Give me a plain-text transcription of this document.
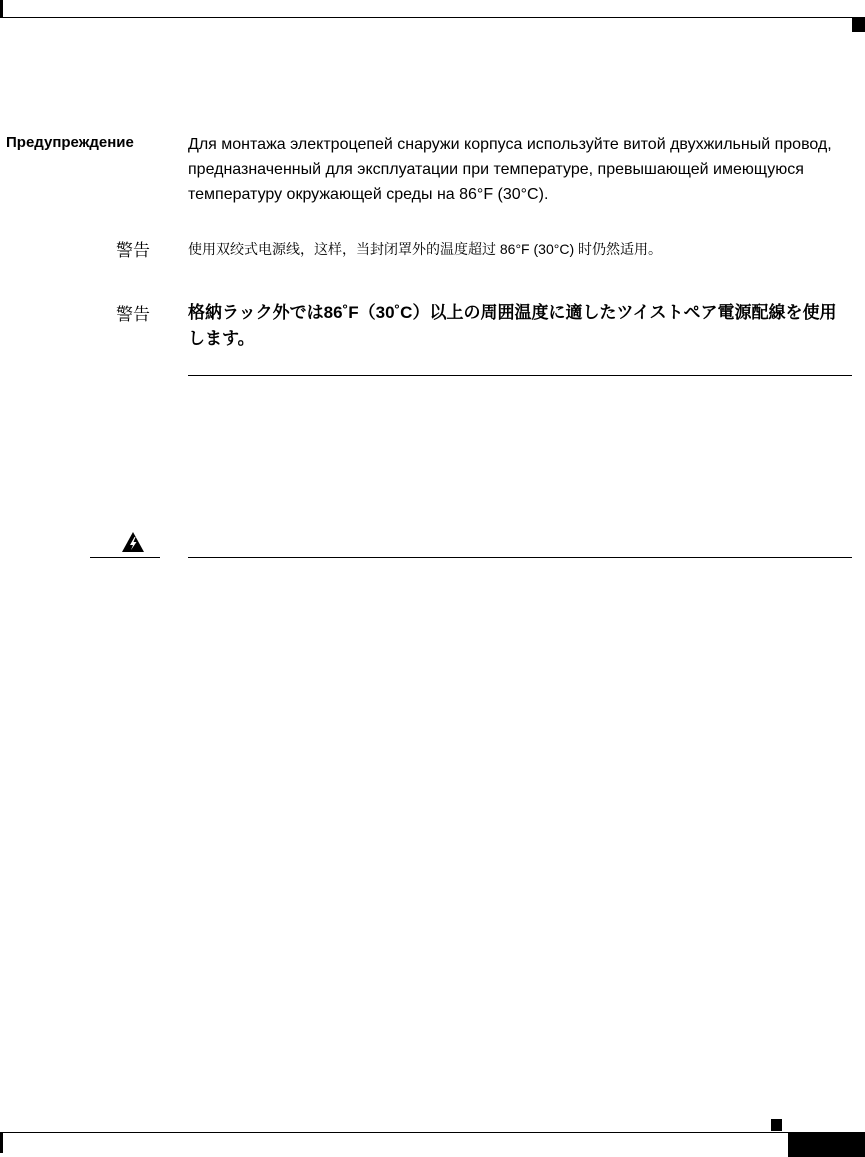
Предупреждение	Для монтажа электроцепей снаружи корпуса используйте витой двухжильный провод, предназначенный для эксплуатации при температуре, превышающей имеющуюся температуру окружающей среды на 86°F (30°C).
警告	使用双绞式电源线，这样，当封闭罩外的温度超过 86°F (30°C) 时仍然适用。
警告 格納ラック外では86˚F（30˚C）以上の周囲温度に適したツイストペア電源配線を使用します。
